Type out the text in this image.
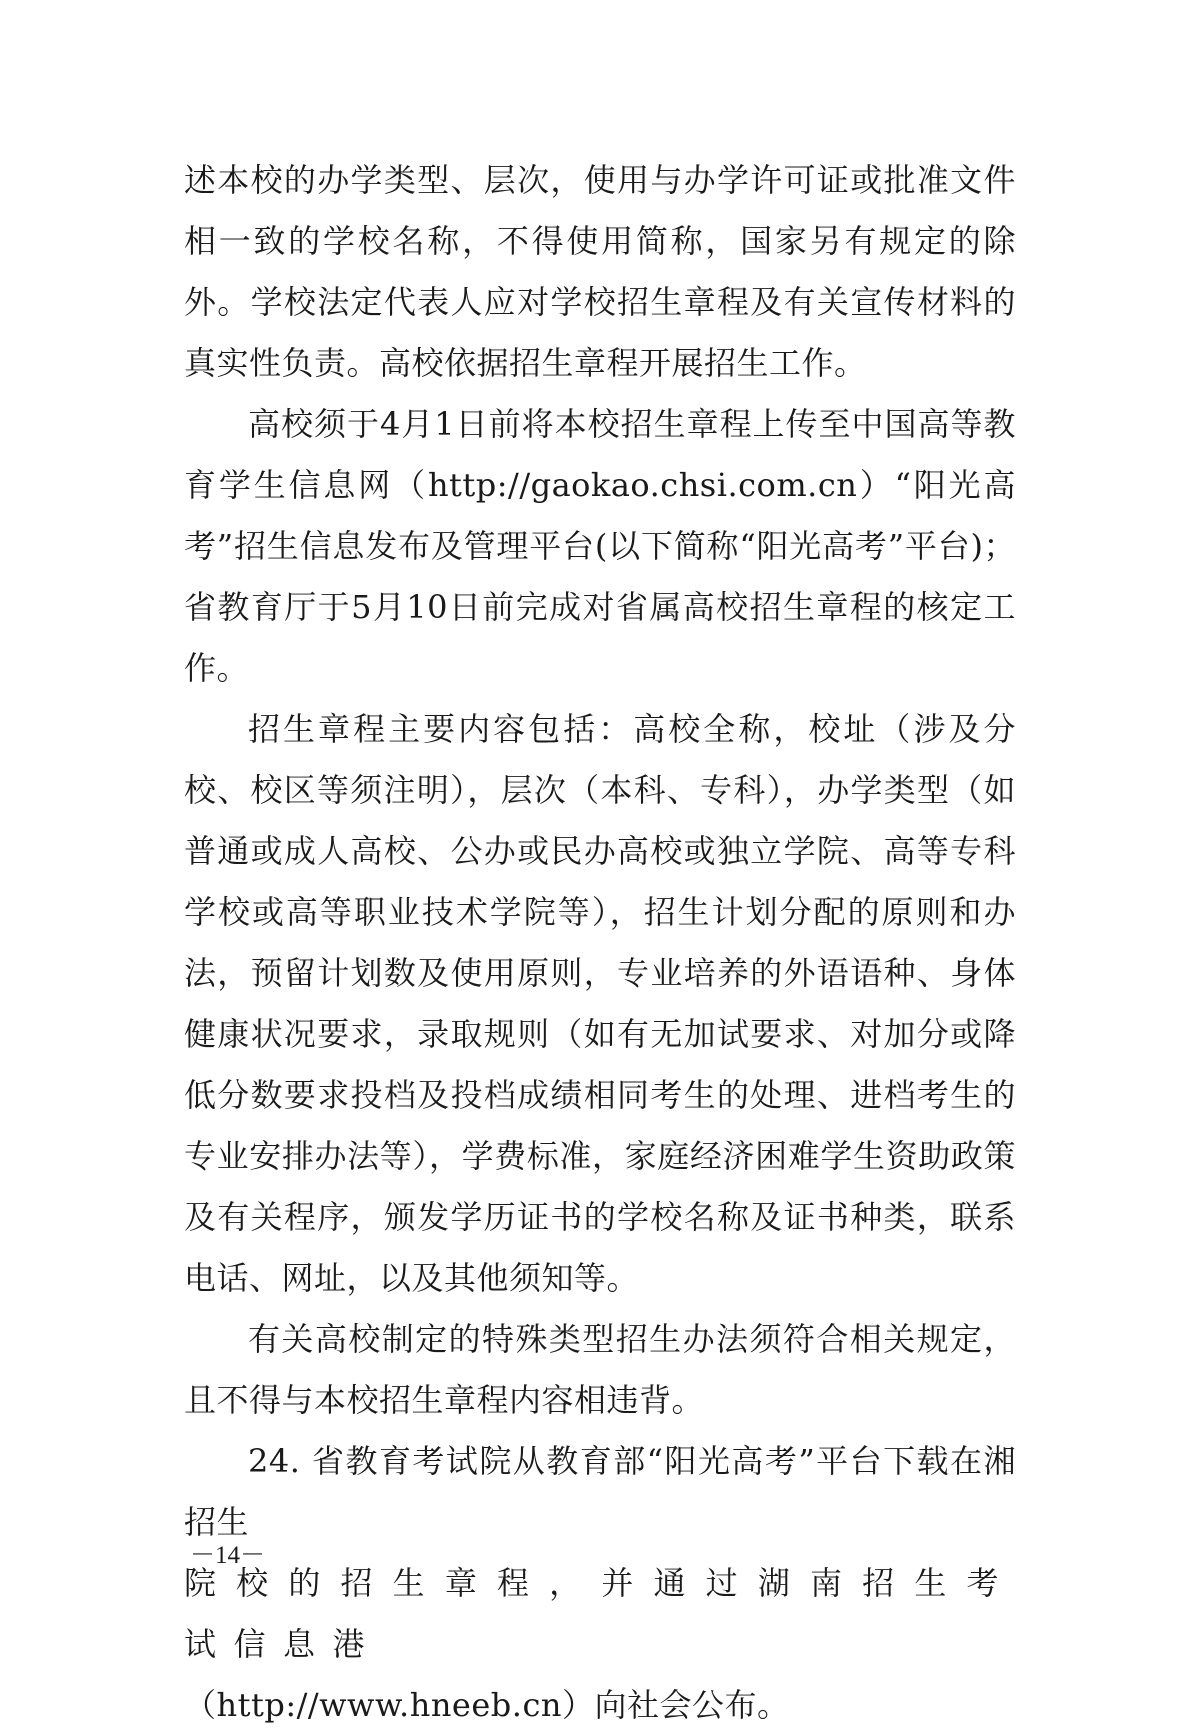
述本校的办学类型、层次，使用与办学许可证或批准文件相一致的学校名称，不得使用简称，国家另有规定的除外。学校法定代表人应对学校招生章程及有关宣传材料的真实性负责。高校依据招生章程开展招生工作。

高校须于4月1日前将本校招生章程上传至中国高等教育学生信息网（http://gaokao.chsi.com.cn）“阳光高考”招生信息发布及管理平台(以下简称“阳光高考”平台)；省教育厅于5月10日前完成对省属高校招生章程的核定工作。

招生章程主要内容包括：高校全称，校址（涉及分校、校区等须注明），层次（本科、专科），办学类型（如普通或成人高校、公办或民办高校或独立学院、高等专科学校或高等职业技术学院等），招生计划分配的原则和办法，预留计划数及使用原则，专业培养的外语语种、身体健康状况要求，录取规则（如有无加试要求、对加分或降低分数要求投档及投档成绩相同考生的处理、进档考生的专业安排办法等），学费标准，家庭经济困难学生资助政策及有关程序，颁发学历证书的学校名称及证书种类，联系电话、网址，以及其他须知等。

有关高校制定的特殊类型招生办法须符合相关规定，且不得与本校招生章程内容相违背。

24. 省教育考试院从教育部“阳光高考”平台下载在湘招生
院校的招生章程，并通过湖南招生考试信息港
（http://www.hneeb.cn）向社会公布。

－14－
